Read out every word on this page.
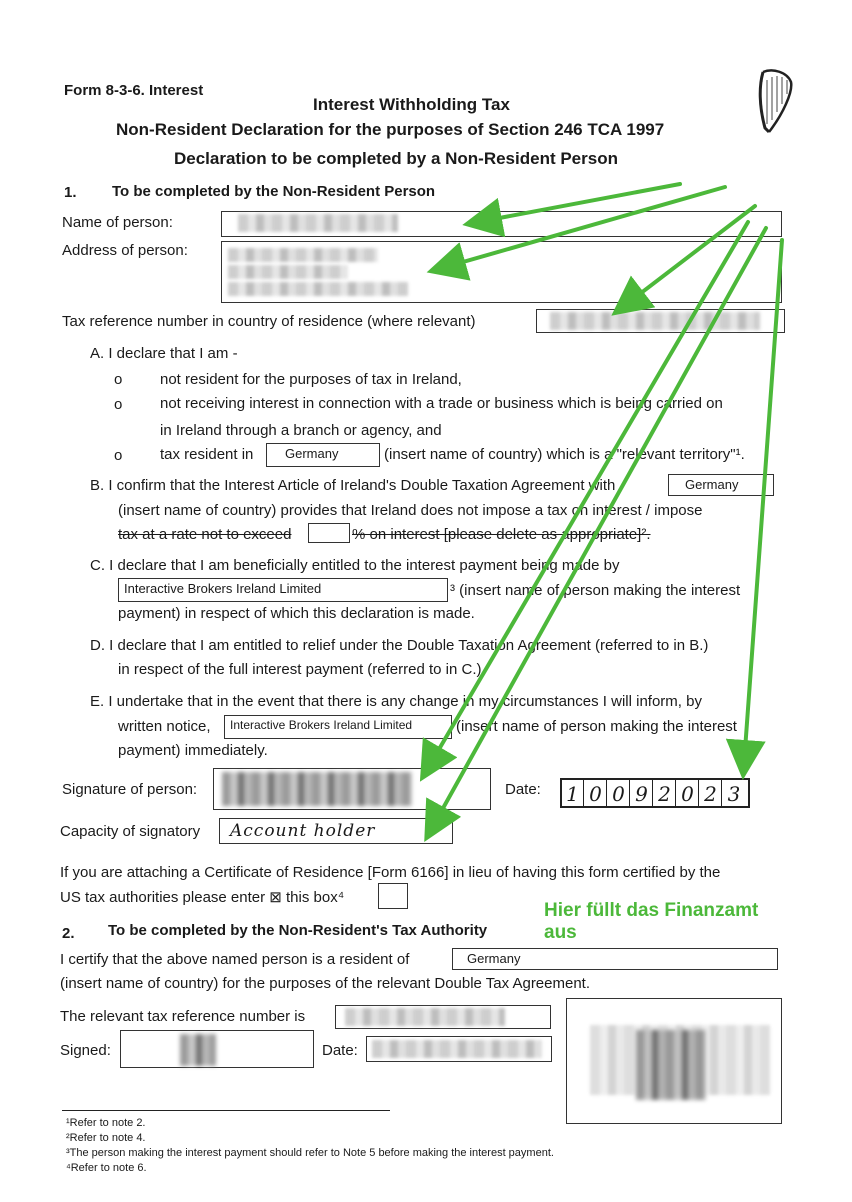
Form 8-3-6. Interest
Interest Withholding Tax
Non-Resident Declaration for the purposes of Section 246 TCA 1997
Declaration to be completed by a Non-Resident Person
1. To be completed by the Non-Resident Person
Name of person:
Address of person:
Tax reference number in country of residence (where relevant)
A. I declare that I am -
o	not resident for the purposes of tax in Ireland,
o	not receiving interest in connection with a trade or business which is being carried on
in Ireland through a branch or agency, and
o	tax resident in	Germany	(insert name of country) which is a "relevant territory"¹.
B. I confirm that the Interest Article of Ireland's Double Taxation Agreement with	Germany
(insert name of country) provides that Ireland does not impose a tax on interest / impose
tax at a rate not to exceed	% on interest [please delete as appropriate]².
C. I declare that I am beneficially entitled to the interest payment being made by
Interactive Brokers Ireland Limited	³ (insert name of person making the interest
payment) in respect of which this declaration is made.
D. I declare that I am entitled to relief under the Double Taxation Agreement (referred to in B.)
in respect of the full interest payment (referred to in C.)
E. I undertake that in the event that there is any change in my circumstances I will inform, by
written notice,	Interactive Brokers Ireland Limited	(insert name of person making the interest
payment) immediately.
Signature of person:	Date: 1 0 0 9 2 0 2 3
Capacity of signatory	Account holder
If you are attaching a Certificate of Residence [Form 6166] in lieu of having this form certified by the
US tax authorities please enter ⊠ this box⁴
Hier füllt das Finanzamt
aus
2. To be completed by the Non-Resident's Tax Authority
I certify that the above named person is a resident of	Germany
(insert name of country) for the purposes of the relevant Double Tax Agreement.
The relevant tax reference number is
Signed:	Date:
¹Refer to note 2.
²Refer to note 4.
³The person making the interest payment should refer to Note 5 before making the interest payment.
⁴Refer to note 6.
